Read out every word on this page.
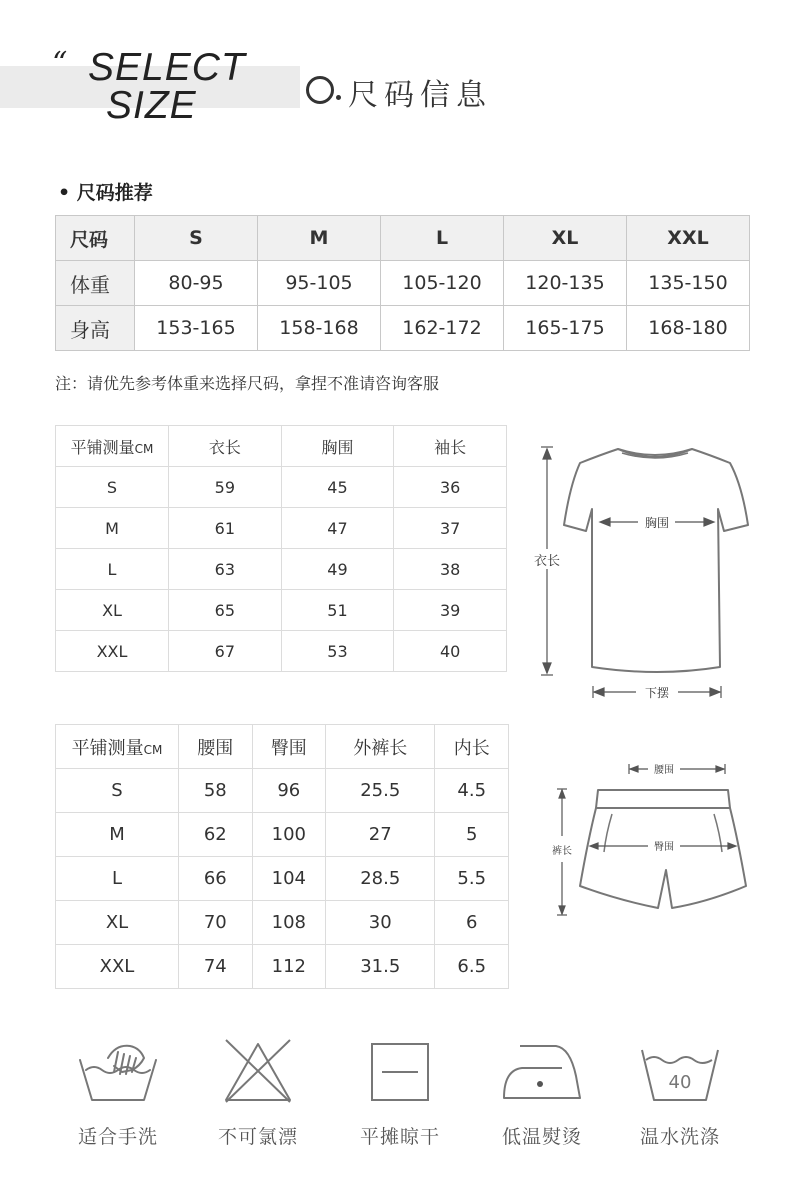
“ SELECT
SIZE	尺码信息
• 尺码推荐
尺码	S	M	L	XL	XXL
体重	80-95	95-105	105-120	120-135	135-150
身高	153-165	158-168	162-172	165-175	168-180
注：请优先参考体重来选择尺码，拿捏不准请咨询客服
平铺测量CM	衣长	胸围	袖长
S	59	45	36
M	61	47	37
L	63	49	38
XL	65	51	39
XXL	67	53	40
衣长
胸围
下摆
平铺测量CM	腰围	臀围	外裤长	内长
S	58	96	25.5	4.5
M	62	100	27	5
L	66	104	28.5	5.5
XL	70	108	30	6
XXL	74	112	31.5	6.5
腰围
臀围
裤长
适合手洗	不可氯漂	平摊晾干	低温熨烫
40
温水洗涤
